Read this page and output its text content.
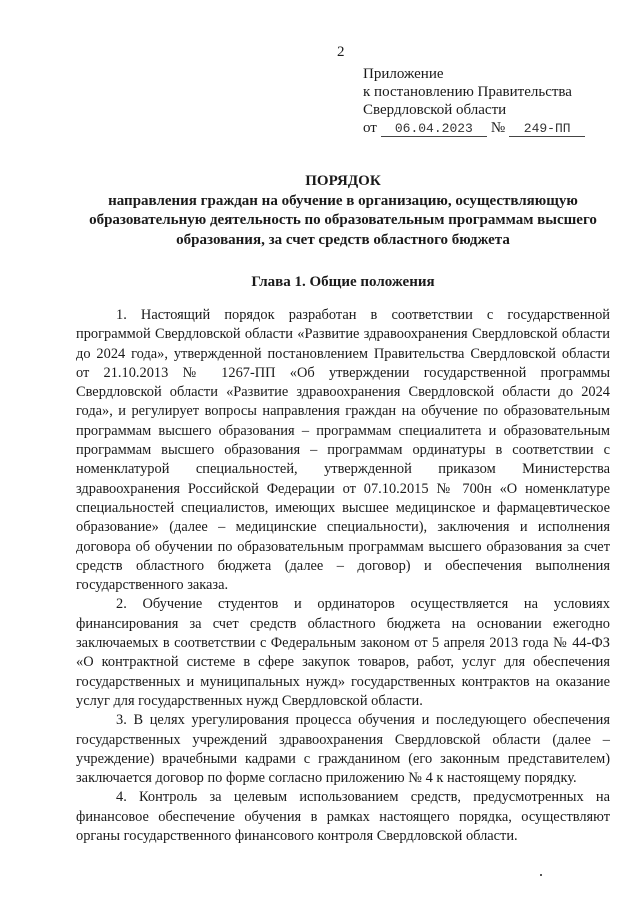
2
Приложение
к постановлению Правительства
Свердловской области
от	06.04.2023	№	249-ПП
ПОРЯДОК
направления граждан на обучение в организацию, осуществляющую образовательную деятельность по образовательным программам высшего образования, за счет средств областного бюджета
Глава 1. Общие положения

1. Настоящий порядок разработан в соответствии с государственной программой Свердловской области «Развитие здравоохранения Свердловской области до 2024 года», утвержденной постановлением Правительства Свердловской области от 21.10.2013 № 1267-ПП «Об утверждении государственной программы Свердловской области «Развитие здравоохранения Свердловской области до 2024 года», и регулирует вопросы направления граждан на обучение по образовательным программам высшего образования – программам специалитета и образовательным программам высшего образования – программам ординатуры в соответствии с номенклатурой специальностей, утвержденной приказом Министерства здравоохранения Российской Федерации от 07.10.2015 № 700н «О номенклатуре специальностей специалистов, имеющих высшее медицинское и фармацевтическое образование» (далее – медицинские специальности), заключения и исполнения договора об обучении по образовательным программам высшего образования за счет средств областного бюджета (далее – договор) и обеспечения выполнения государственного заказа.

2. Обучение студентов и ординаторов осуществляется на условиях финансирования за счет средств областного бюджета на основании ежегодно заключаемых в соответствии с Федеральным законом от 5 апреля 2013 года № 44-ФЗ «О контрактной системе в сфере закупок товаров, работ, услуг для обеспечения государственных и муниципальных нужд» государственных контрактов на оказание услуг для государственных нужд Свердловской области.

3. В целях урегулирования процесса обучения и последующего обеспечения государственных учреждений здравоохранения Свердловской области (далее – учреждение) врачебными кадрами с гражданином (его законным представителем) заключается договор по форме согласно приложению № 4 к настоящему порядку.

4. Контроль за целевым использованием средств, предусмотренных на финансовое обеспечение обучения в рамках настоящего порядка, осуществляют органы государственного финансового контроля Свердловской области.
